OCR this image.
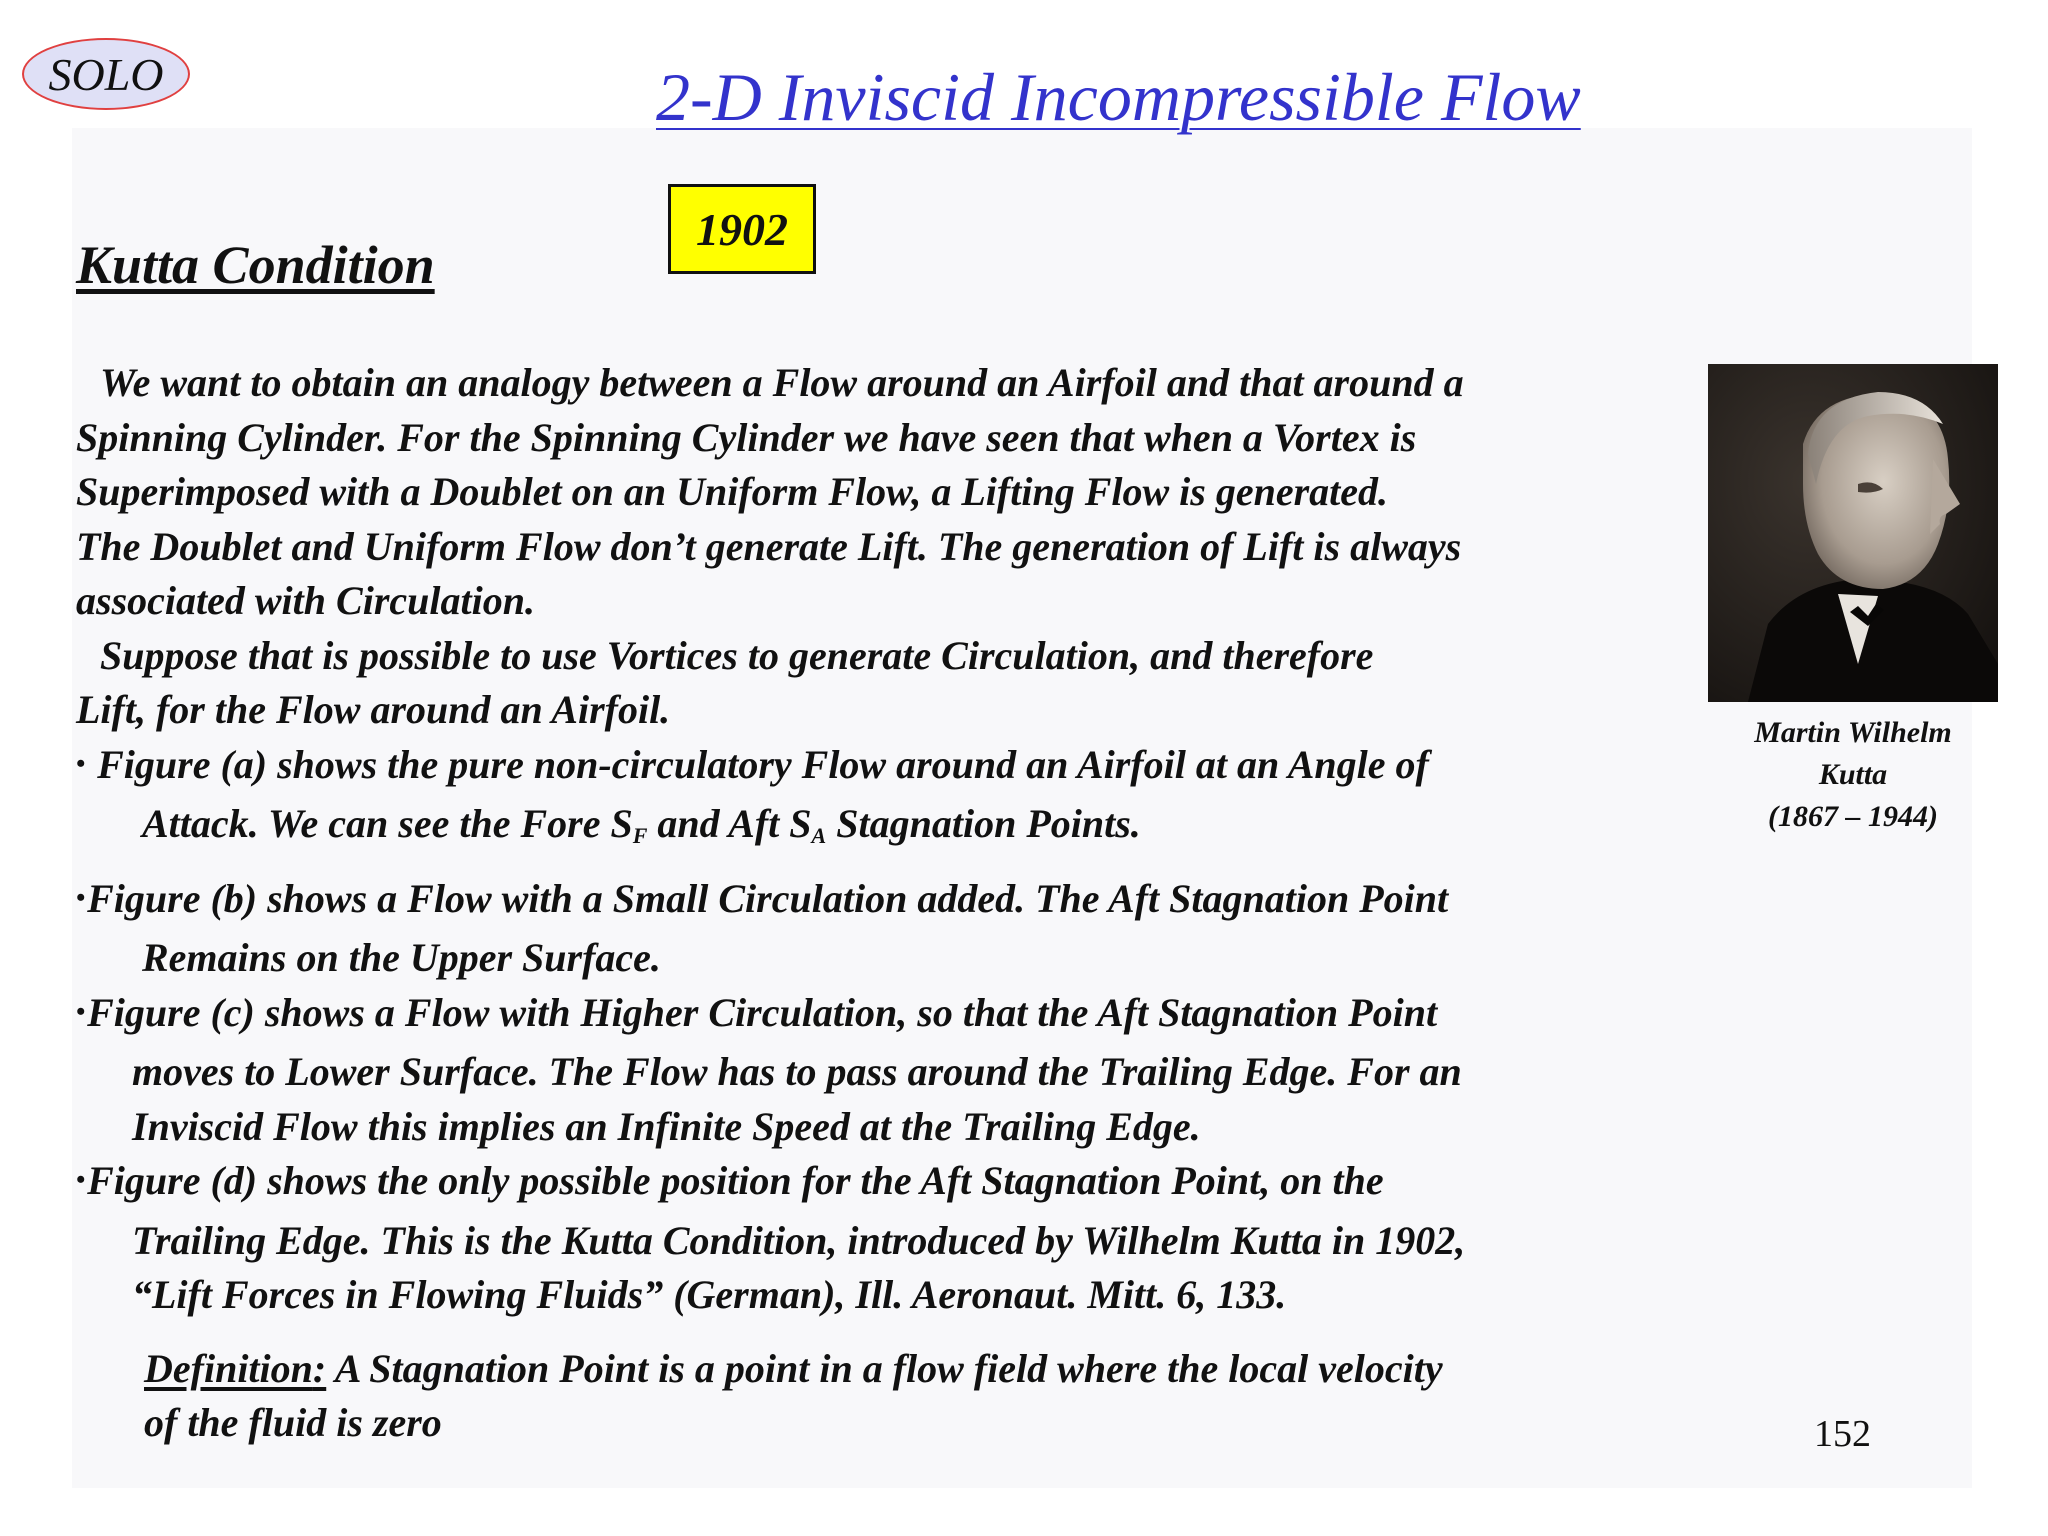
SOLO	2-D Inviscid Incompressible Flow
1902
Kutta Condition

We want to obtain an analogy between a Flow around an Airfoil and that around a

Spinning Cylinder. For the Spinning Cylinder we have seen that when a Vortex is

Superimposed with a Doublet on an Uniform Flow, a Lifting Flow is generated.

The Doublet and Uniform Flow don’t generate Lift. The generation of Lift is always

associated with Circulation.

Suppose that is possible to use Vortices to generate Circulation, and therefore

Lift, for the Flow around an Airfoil.

• Figure (a) shows the pure non-circulatory Flow around an Airfoil at an Angle of

Attack. We can see the Fore $S_F$ and Aft $S_A$ Stagnation Points.

•Figure (b) shows a Flow with a Small Circulation added. The Aft Stagnation Point

Remains on the Upper Surface.

•Figure (c) shows a Flow with Higher Circulation, so that the Aft Stagnation Point

moves to Lower Surface. The Flow has to pass around the Trailing Edge. For an

Inviscid Flow this implies an Infinite Speed at the Trailing Edge.

•Figure (d) shows the only possible position for the Aft Stagnation Point, on the

Trailing Edge. This is the Kutta Condition, introduced by Wilhelm Kutta in 1902,

“Lift Forces in Flowing Fluids” (German), Ill. Aeronaut. Mitt. 6, 133.

Definition: A Stagnation Point is a point in a flow field where the local velocity
of the fluid is zero
Martin Wilhelm
Kutta
(1867 – 1944)
152
